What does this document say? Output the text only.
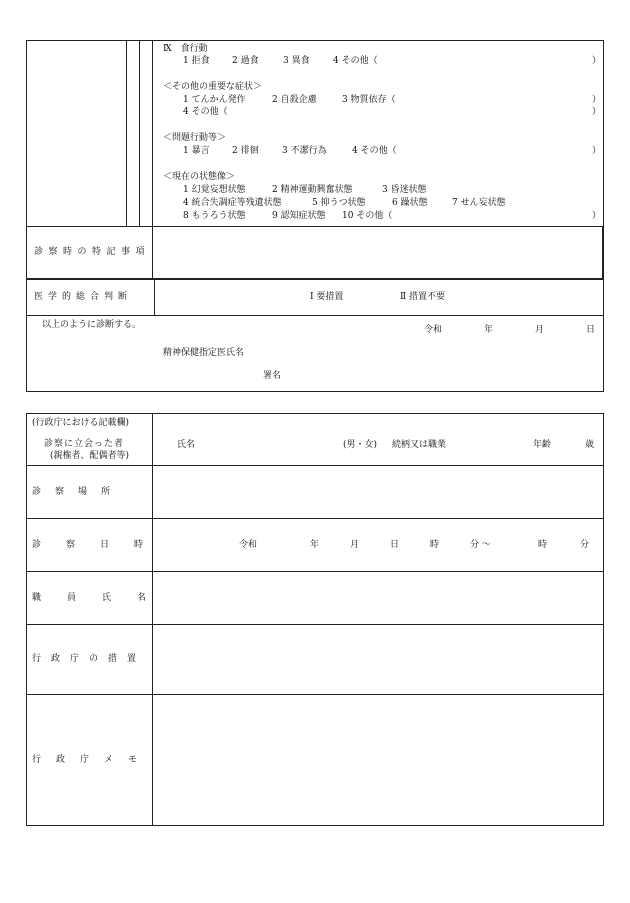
Ⅸ　食行動
1 拒食 2 過食	3 異食	4 その他（	）
＜その他の重要な症状＞
1 てんかん発作	2 自殺企慮	3 物質依存（	）
4 その他（	）
＜問題行動等＞
1 暴言 2 徘徊	3 不潔行為	4 その他（	）
＜現在の状態像＞
1 幻覚妄想状態	2 精神運動興奮状態	3 昏迷状態
4 統合失調症等残遺状態	5 抑うつ状態	6 躁状態	7 せん妄状態
8 もうろう状態	9 認知症状態 10 その他（	）
診察時の特記事項
医学的総合判断	Ⅰ 要措置	Ⅱ 措置不要
以上のように診断する。	令和	年	月	日
精神保健指定医氏名
署名
(行政庁における記載欄)
診察に立会った者
(親権者、配偶者等)
氏名	(男・女) 続柄又は職業	年齢	歳
診察場所
診察日時	令和	年	月	日	時	分 〜	時	分
職員氏名
行政庁の措置
行政庁メモ
